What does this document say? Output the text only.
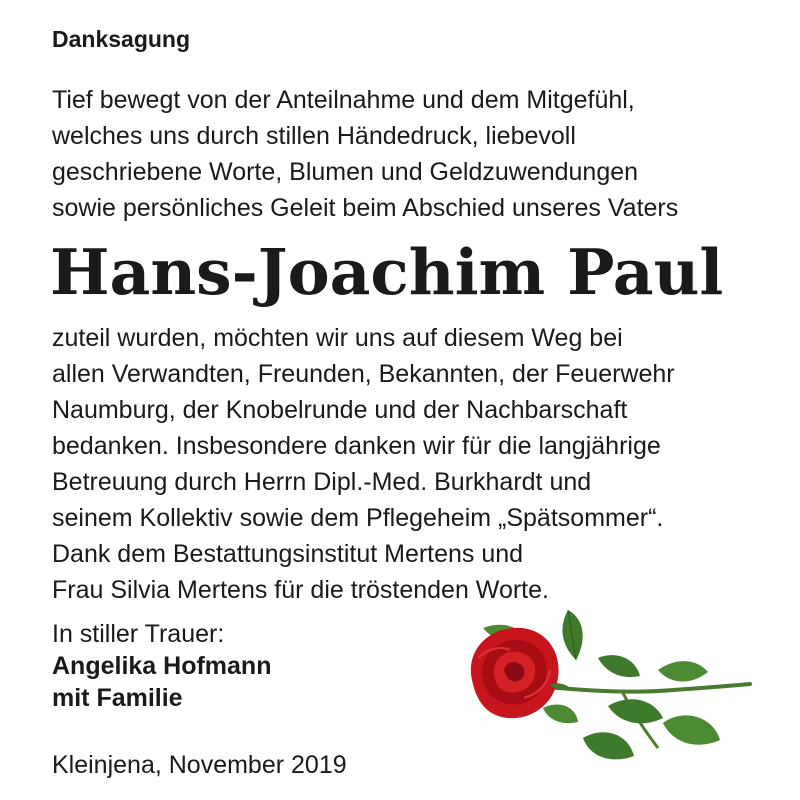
Danksagung

Tief bewegt von der Anteilnahme und dem Mitgefühl,
welches uns durch stillen Händedruck, liebevoll
geschriebene Worte, Blumen und Geldzuwendungen
sowie persönliches Geleit beim Abschied unseres Vaters

Hans-Joachim Paul

zuteil wurden, möchten wir uns auf diesem Weg bei
allen Verwandten, Freunden, Bekannten, der Feuerwehr
Naumburg, der Knobelrunde und der Nachbarschaft
bedanken. Insbesondere danken wir für die langjährige
Betreuung durch Herrn Dipl.-Med. Burkhardt und
seinem Kollektiv sowie dem Pflegeheim „Spätsommer“.
Dank dem Bestattungsinstitut Mertens und
Frau Silvia Mertens für die tröstenden Worte.

In stiller Trauer:
Angelika Hofmann
mit Familie

Kleinjena, November 2019
